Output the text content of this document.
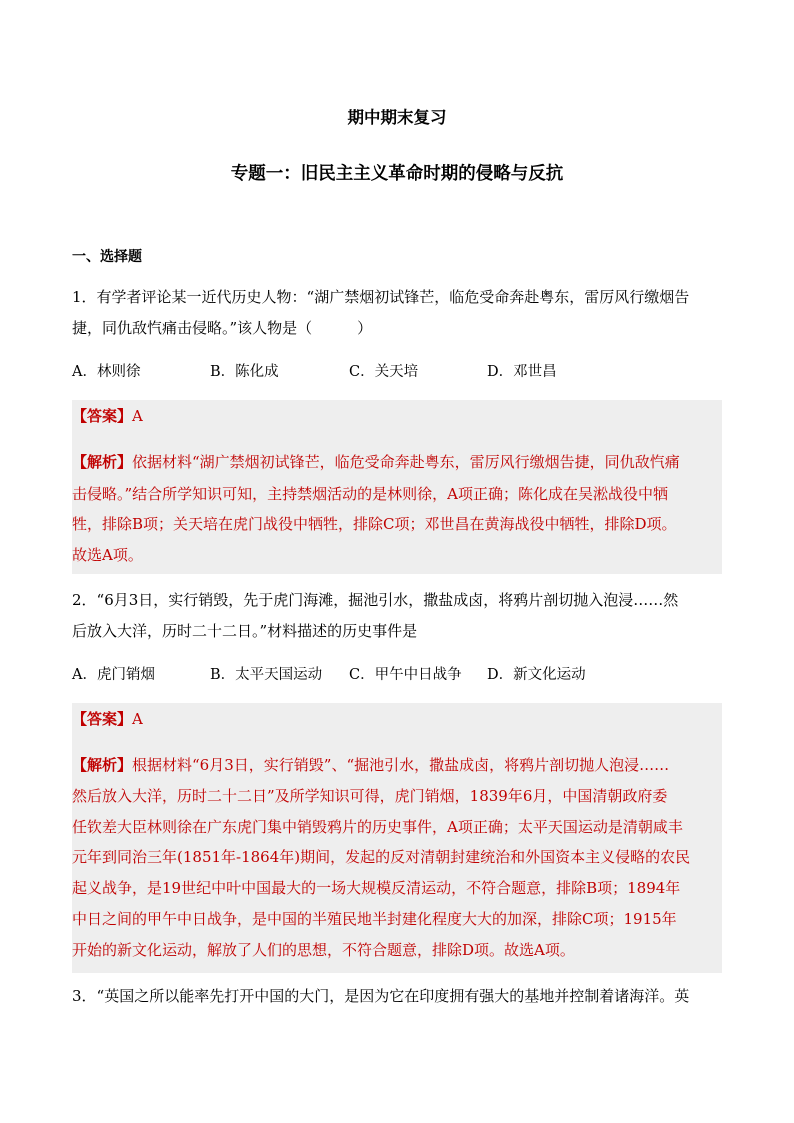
期中期末复习
专题一：旧民主主义革命时期的侵略与反抗
一、选择题
1．有学者评论某一近代历史人物：“湖广禁烟初试锋芒，临危受命奔赴粤东，雷厉风行缴烟告
捷，同仇敌忾痛击侵略。”该人物是（　　　）
A．林则徐	B．陈化成	C．关天培	D．邓世昌
【答案】A
【解析】依据材料“湖广禁烟初试锋芒，临危受命奔赴粤东，雷厉风行缴烟告捷，同仇敌忾痛
击侵略。”结合所学知识可知，主持禁烟活动的是林则徐，A项正确；陈化成在吴淞战役中牺
牲，排除B项；关天培在虎门战役中牺牲，排除C项；邓世昌在黄海战役中牺牲，排除D项。
故选A项。
2．“6月3日，实行销毁，先于虎门海滩，掘池引水，撒盐成卤，将鸦片剖切抛入泡浸……然
后放入大洋，历时二十二日。”材料描述的历史事件是
A．虎门销烟	B．太平天国运动 C．甲午中日战争 D．新文化运动
【答案】A
【解析】根据材料“6月3日，实行销毁”、“掘池引水，撒盐成卤，将鸦片剖切抛人泡浸……
然后放入大洋，历时二十二日”及所学知识可得，虎门销烟，1839年6月，中国清朝政府委
任钦差大臣林则徐在广东虎门集中销毁鸦片的历史事件，A项正确；太平天国运动是清朝咸丰
元年到同治三年(1851年-1864年)期间，发起的反对清朝封建统治和外国资本主义侵略的农民
起义战争，是19世纪中叶中国最大的一场大规模反清运动，不符合题意，排除B项；1894年
中日之间的甲午中日战争，是中国的半殖民地半封建化程度大大的加深，排除C项；1915年
开始的新文化运动，解放了人们的思想，不符合题意，排除D项。故选A项。
3．“英国之所以能率先打开中国的大门，是因为它在印度拥有强大的基地并控制着诸海洋。英
